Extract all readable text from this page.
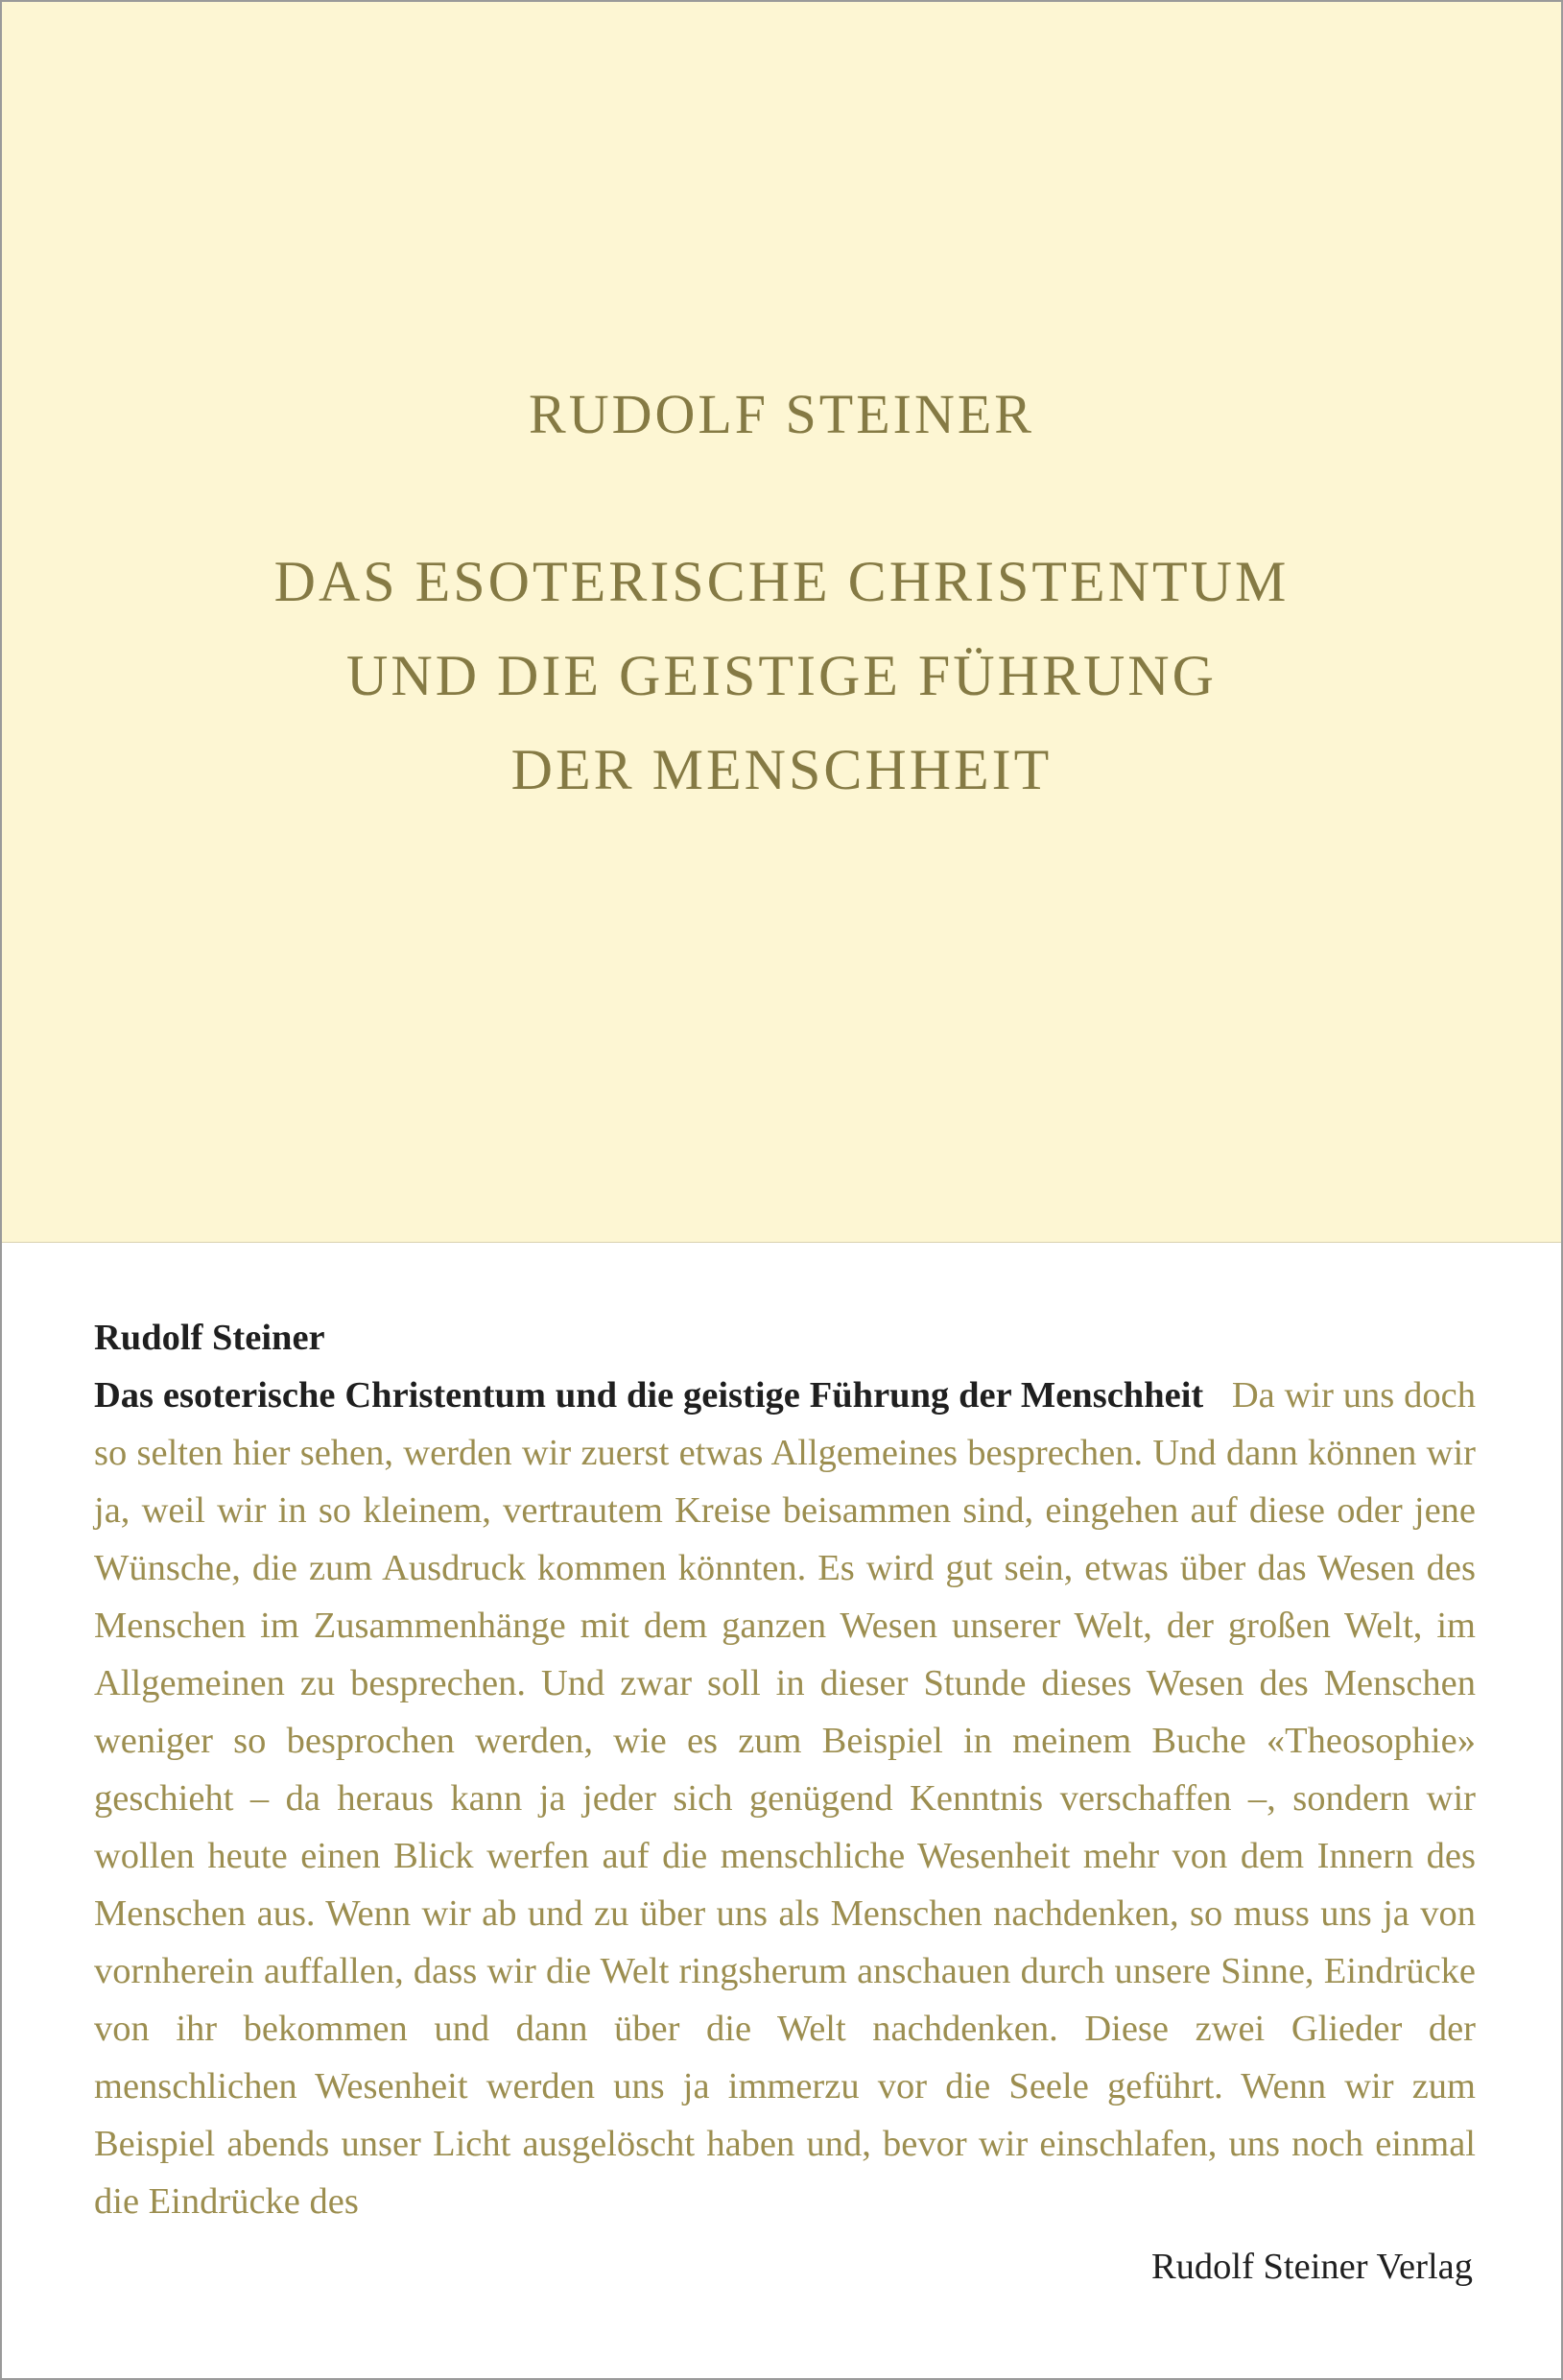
RUDOLF STEINER
DAS ESOTERISCHE CHRISTENTUM
UND DIE GEISTIGE FÜHRUNG
DER MENSCHHEIT
Rudolf Steiner
Das esoterische Christentum und die geistige Führung der Menschheit Da wir uns doch so selten hier sehen, werden wir zuerst etwas Allgemeines besprechen. Und dann können wir ja, weil wir in so kleinem, vertrautem Kreise beisammen sind, eingehen auf diese oder jene Wünsche, die zum Ausdruck kommen könnten. Es wird gut sein, etwas über das Wesen des Menschen im Zusammenhänge mit dem ganzen Wesen unserer Welt, der großen Welt, im Allgemeinen zu besprechen. Und zwar soll in dieser Stunde dieses Wesen des Menschen weniger so besprochen werden, wie es zum Beispiel in meinem Buche «Theosophie» geschieht – da heraus kann ja jeder sich genügend Kenntnis verschaffen –, sondern wir wollen heute einen Blick werfen auf die menschliche Wesenheit mehr von dem Innern des Menschen aus. Wenn wir ab und zu über uns als Menschen nachdenken, so muss uns ja von vornherein auffallen, dass wir die Welt ringsherum anschauen durch unsere Sinne, Eindrücke von ihr bekommen und dann über die Welt nachdenken. Diese zwei Glieder der menschlichen Wesenheit werden uns ja immerzu vor die Seele geführt. Wenn wir zum Beispiel abends unser Licht ausgelöscht haben und, bevor wir einschlafen, uns noch einmal die Eindrücke des
Rudolf Steiner Verlag
